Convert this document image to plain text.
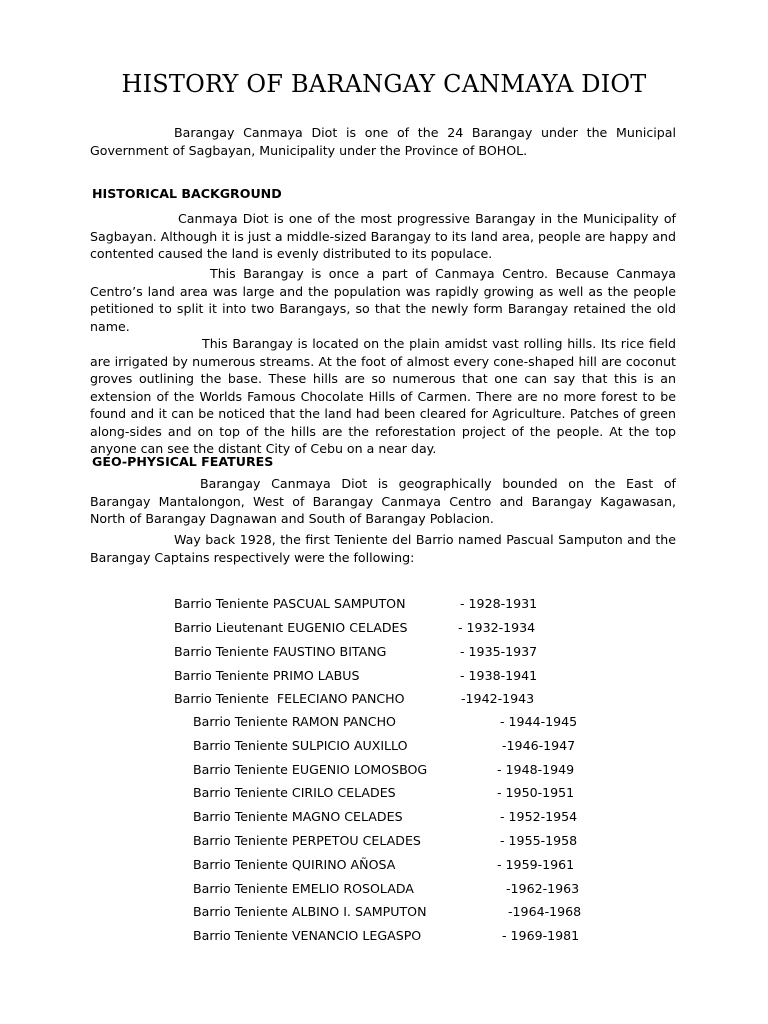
HISTORY OF BARANGAY CANMAYA DIOT

Barangay Canmaya Diot is one of the 24 Barangay under the Municipal Government of Sagbayan, Municipality under the Province of BOHOL.

HISTORICAL BACKGROUND

Canmaya Diot is one of the most progressive Barangay in the Municipality of Sagbayan. Although it is just a middle-sized Barangay to its land area, people are happy and contented caused the land is evenly distributed to its populace.

This Barangay is once a part of Canmaya Centro. Because Canmaya Centro’s land area was large and the population was rapidly growing as well as the people petitioned to split it into two Barangays, so that the newly form Barangay retained the old name.

This Barangay is located on the plain amidst vast rolling hills. Its rice field are irrigated by numerous streams. At the foot of almost every cone-shaped hill are coconut groves outlining the base. These hills are so numerous that one can say that this is an extension of the Worlds Famous Chocolate Hills of Carmen. There are no more forest to be found and it can be noticed that the land had been cleared for Agriculture. Patches of green along-sides and on top of the hills are the reforestation project of the people. At the top anyone can see the distant City of Cebu on a near day.

GEO-PHYSICAL FEATURES

Barangay Canmaya Diot is geographically bounded on the East of Barangay Mantalongon, West of Barangay Canmaya Centro and Barangay Kagawasan, North of Barangay Dagnawan and South of Barangay Poblacion.

Way back 1928, the first Teniente del Barrio named Pascual Samputon and the Barangay Captains respectively were the following:

Barrio Teniente PASCUAL SAMPUTON	- 1928-1931
Barrio Lieutenant EUGENIO CELADES	- 1932-1934
Barrio Teniente FAUSTINO BITANG	- 1935-1937
Barrio Teniente PRIMO LABUS	- 1938-1941
Barrio Teniente  FELECIANO PANCHO	-1942-1943
Barrio Teniente RAMON PANCHO	- 1944-1945
Barrio Teniente SULPICIO AUXILLO	-1946-1947
Barrio Teniente EUGENIO LOMOSBOG	- 1948-1949
Barrio Teniente CIRILO CELADES	- 1950-1951
Barrio Teniente MAGNO CELADES	- 1952-1954
Barrio Teniente PERPETOU CELADES	- 1955-1958
Barrio Teniente QUIRINO AÑOSA	- 1959-1961
Barrio Teniente EMELIO ROSOLADA	-1962-1963
Barrio Teniente ALBINO I. SAMPUTON	-1964-1968
Barrio Teniente VENANCIO LEGASPO	- 1969-1981
